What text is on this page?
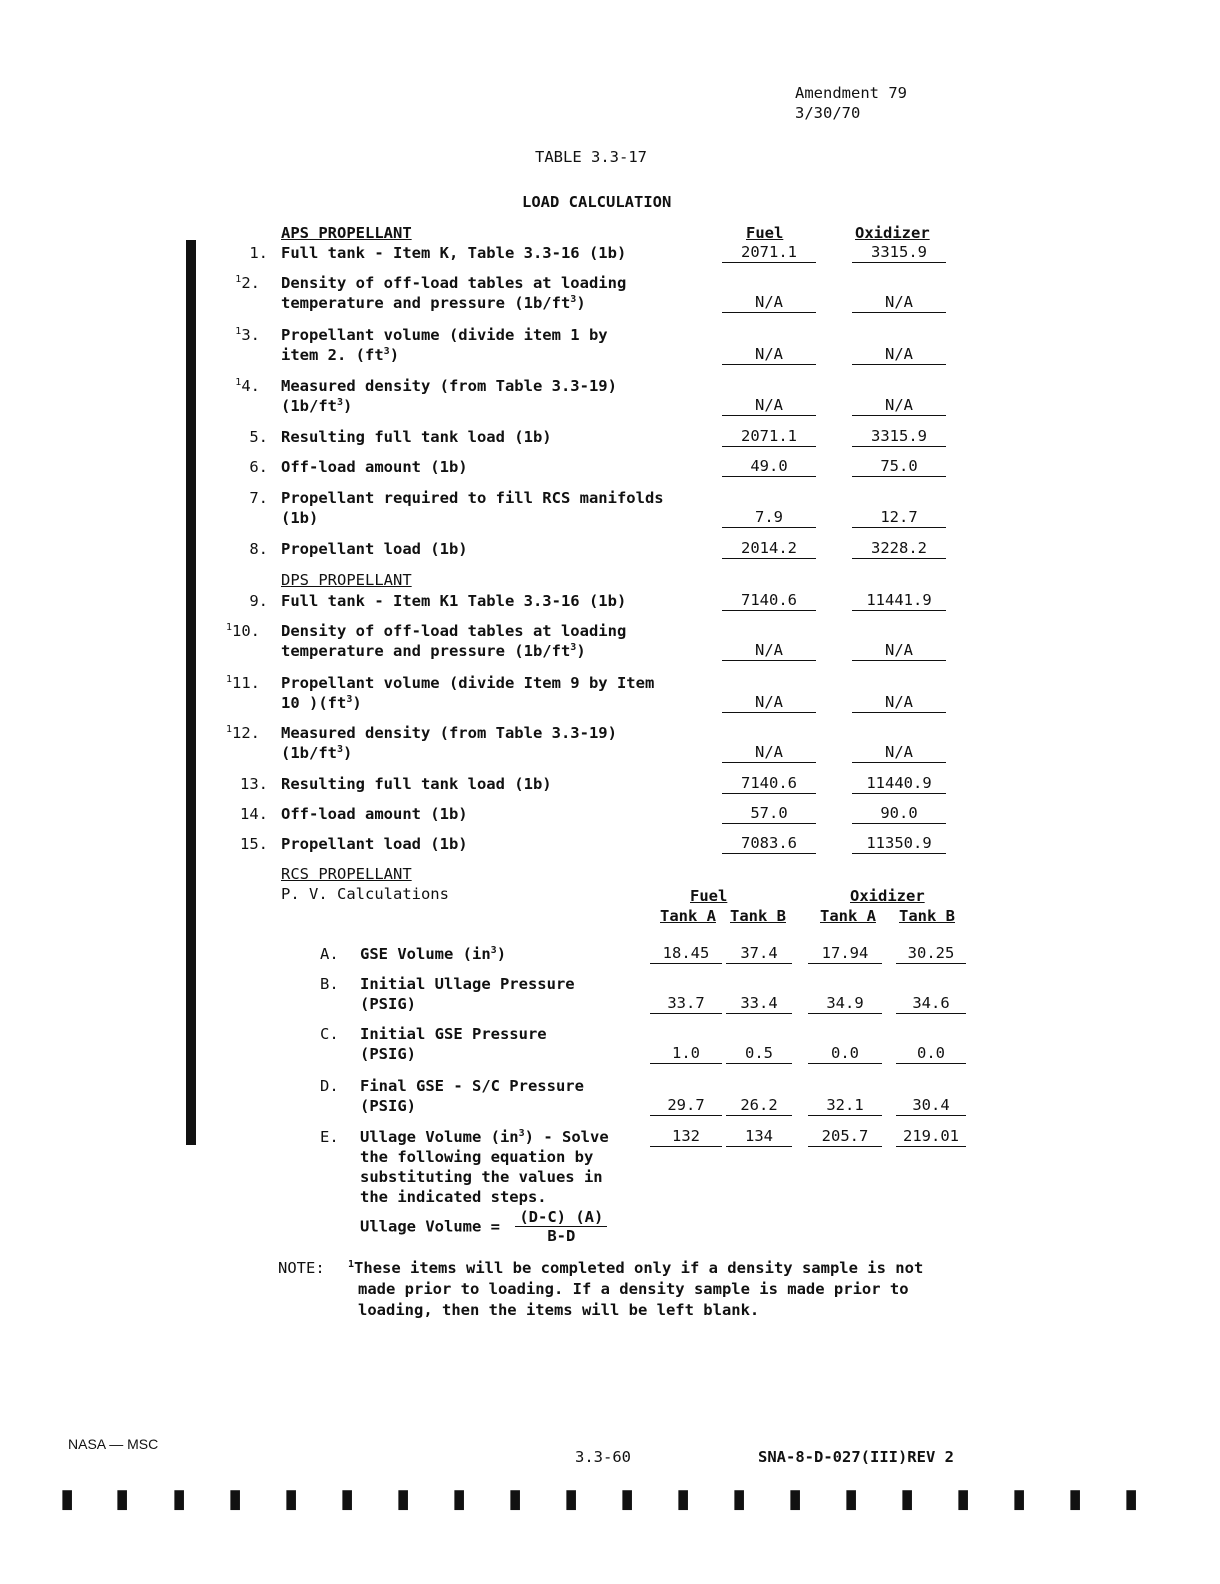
Amendment 79
3/30/70
TABLE 3.3-17
LOAD CALCULATION
APS PROPELLANT	Fuel	Oxidizer
1. Full tank - Item K, Table 3.3-16 (1b)	2071.1	3315.9
$^1$2. Density of off-load tables at loading
temperature and pressure $(1b/ft^3)$	N/A	N/A
$^1$3. Propellant volume (divide item 1 by
item 2. $(ft^3)$	N/A	N/A
$^1$4. Measured density (from Table 3.3-19)
$(1b/ft^3)$	N/A	N/A
5. Resulting full tank load (1b)	2071.1	3315.9
6. Off-load amount (1b)	49.0	75.0
7. Propellant required to fill RCS manifolds
(1b)	7.9	12.7
8. Propellant load (1b)	2014.2	3228.2
9. Full tank - Item K1 Table 3.3-16 (1b)	7140.6	11441.9
$^1$10. Density of off-load tables at loading
temperature and pressure $(1b/ft^3)$	N/A	N/A
$^1$11. Propellant volume (divide Item 9 by Item
10 )$(ft^3)$	N/A	N/A
$^1$12. Measured density (from Table 3.3-19)
$(1b/ft^3)$	N/A	N/A
13. Resulting full tank load (1b)	7140.6	11440.9
14. Off-load amount (1b)	57.0	90.0
15. Propellant load (1b)	7083.6	11350.9
DPS PROPELLANT
RCS PROPELLANT
P. V. Calculations	Fuel	Oxidizer
Tank A Tank B Tank A Tank B
A. GSE Volume $(in^3)$	18.45	37.4	17.94	30.25
B. Initial Ullage Pressure
(PSIG)	33.7	33.4	34.9	34.6
C. Initial GSE Pressure
(PSIG)	1.0	0.5	0.0	0.0
D. Final GSE - S/C Pressure
(PSIG)	29.7	26.2	32.1	30.4
E. Ullage Volume $(in^3)$ - Solve	132	134	205.7	219.01
the following equation by
substituting the values in
the indicated steps.
Ullage Volume = $\frac{(D-C) (A)}{B-D}$
NOTE: $^1$These items will be completed only if a density sample is not
made prior to loading. If a density sample is made prior to
loading, then the items will be left blank.
NASA — MSC
3.3-60	SNA-8-D-027(III)REV 2
▮ ▮ ▮ ▮ ▮ ▮ ▮ ▮ ▮ ▮ ▮ ▮ ▮ ▮ ▮ ▮ ▮ ▮ ▮ ▮
